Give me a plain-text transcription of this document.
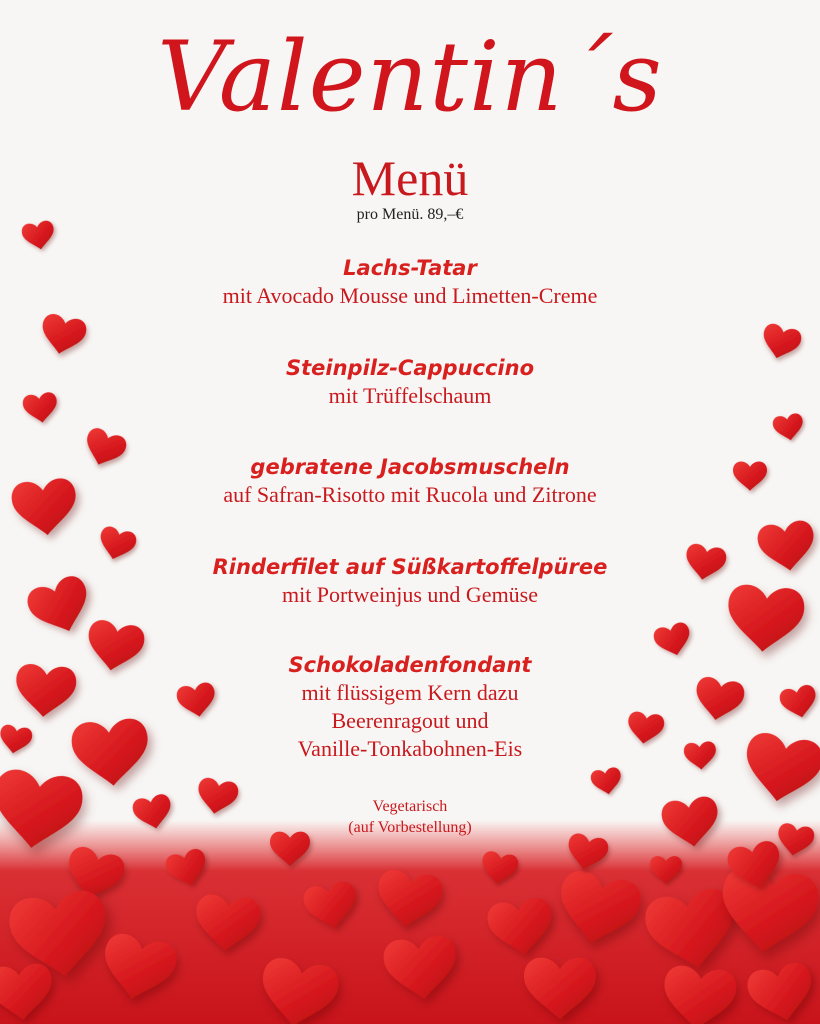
Valentin´s
Menü
pro Menü. 89,–€
Lachs-Tatar
mit Avocado Mousse und Limetten-Creme
Steinpilz-Cappuccino
mit Trüffelschaum
gebratene Jacobsmuscheln
auf Safran-Risotto mit Rucola und Zitrone
Rinderfilet auf Süßkartoffelpüree
mit Portweinjus und Gemüse
Schokoladenfondant
mit flüssigem Kern dazu
Beerenragout und
Vanille-Tonkabohnen-Eis
Vegetarisch
(auf Vorbestellung)
